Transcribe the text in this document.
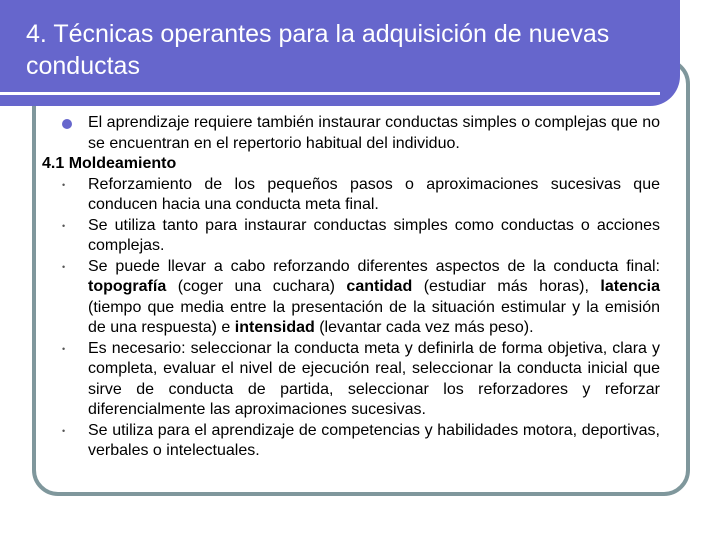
4. Técnicas operantes para la adquisición de nuevas conductas

El aprendizaje requiere también instaurar conductas simples o complejas que no se encuentran en el repertorio habitual del individuo.

4.1 Moldeamiento

•	Reforzamiento de los pequeños pasos o aproximaciones sucesivas que conducen hacia una conducta meta final.

•	Se utiliza tanto para instaurar conductas simples como conductas o acciones complejas.

•	Se puede llevar a cabo reforzando diferentes aspectos de la conducta final: topografía (coger una cuchara) cantidad (estudiar más horas), latencia (tiempo que media entre la presentación de la situación estimular y la emisión de una respuesta) e intensidad (levantar cada vez más peso).

•	Es necesario: seleccionar la conducta meta y definirla de forma objetiva, clara y completa, evaluar el nivel de ejecución real, seleccionar la conducta inicial que sirve de conducta de partida, seleccionar los reforzadores y reforzar diferencialmente las aproximaciones sucesivas.

•	Se utiliza para el aprendizaje de competencias y habilidades motora, deportivas, verbales o intelectuales.
